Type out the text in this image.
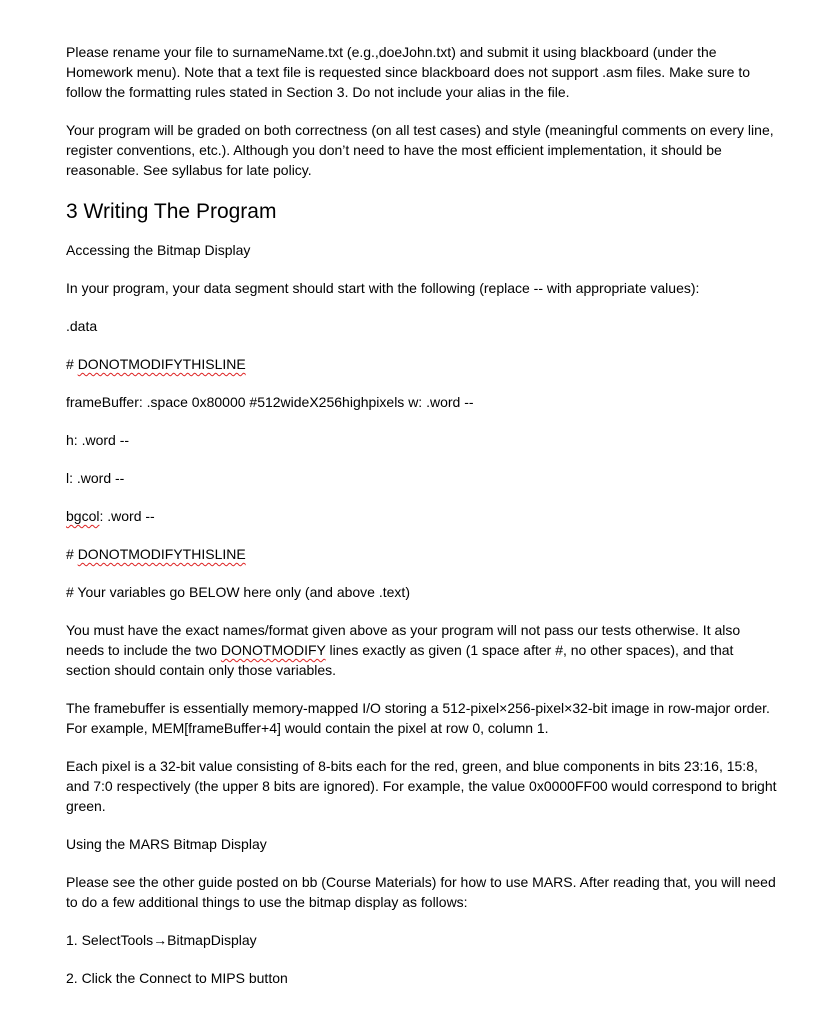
Please rename your file to surnameName.txt (e.g.,doeJohn.txt) and submit it using blackboard (under the Homework menu). Note that a text file is requested since blackboard does not support .asm files. Make sure to follow the formatting rules stated in Section 3. Do not include your alias in the file.

Your program will be graded on both correctness (on all test cases) and style (meaningful comments on every line, register conventions, etc.). Although you don’t need to have the most efficient implementation, it should be reasonable. See syllabus for late policy.

3 Writing The Program

Accessing the Bitmap Display

In your program, your data segment should start with the following (replace -- with appropriate values):

.data

# DONOTMODIFYTHISLINE

frameBuffer: .space 0x80000 #512wideX256highpixels w: .word --

h: .word --

l: .word --

bgcol: .word --

# DONOTMODIFYTHISLINE

# Your variables go BELOW here only (and above .text)

You must have the exact names/format given above as your program will not pass our tests otherwise. It also needs to include the two DONOTMODIFY lines exactly as given (1 space after #, no other spaces), and that section should contain only those variables.

The framebuffer is essentially memory-mapped I/O storing a 512-pixel×256-pixel×32-bit image in row-major order. For example, MEM[frameBuffer+4] would contain the pixel at row 0, column 1.

Each pixel is a 32-bit value consisting of 8-bits each for the red, green, and blue components in bits 23:16, 15:8, and 7:0 respectively (the upper 8 bits are ignored). For example, the value 0x0000FF00 would correspond to bright green.

Using the MARS Bitmap Display

Please see the other guide posted on bb (Course Materials) for how to use MARS. After reading that, you will need to do a few additional things to use the bitmap display as follows:

1. SelectTools→BitmapDisplay

2. Click the Connect to MIPS button
